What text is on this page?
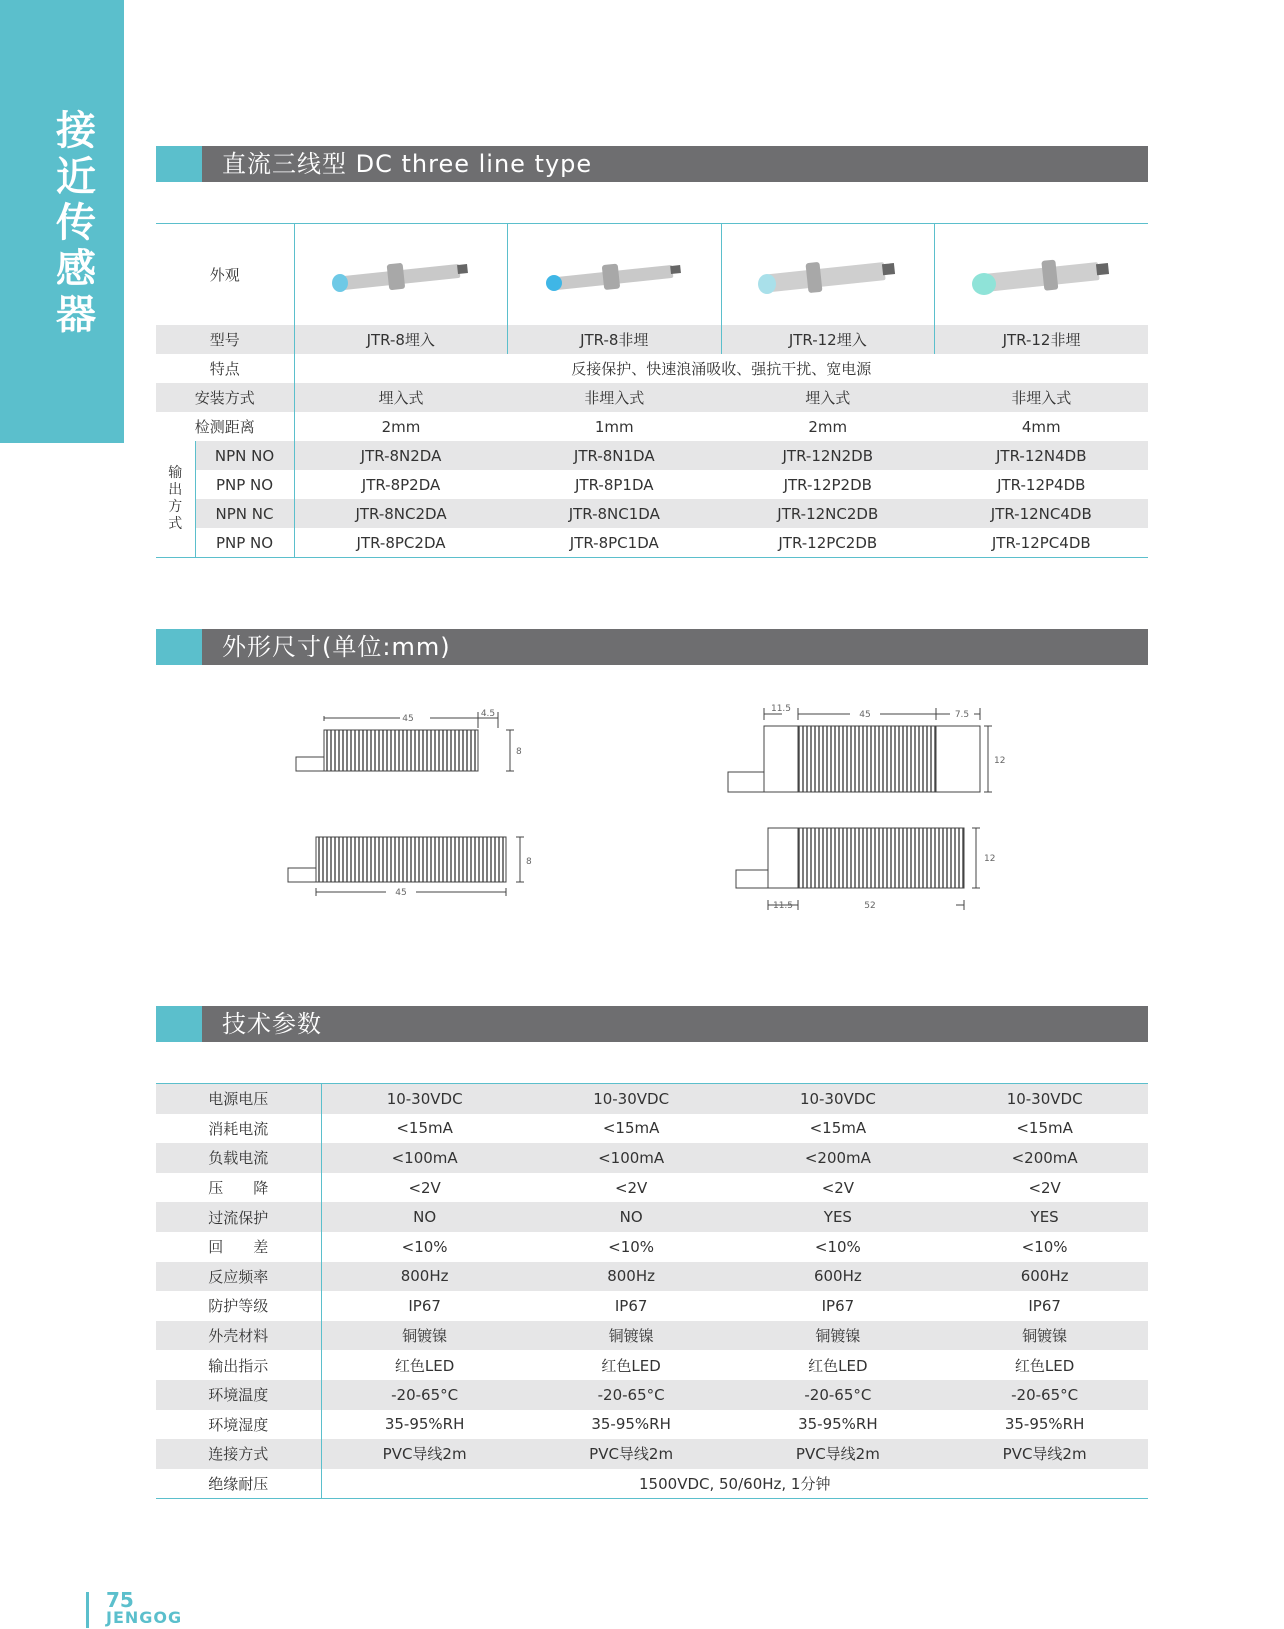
接
近
传
感
器
直流三线型 DC three line type
外观	

型号		JTR-8埋入	JTR-8非埋	JTR-12埋入	JTR-12非埋
特点		反接保护、快速浪涌吸收、强抗干扰、宽电源			
安装方式		埋入式	非埋入式	埋入式	非埋入式
检测距离		2mm	1mm	2mm	4mm

输
出
方
式	NPN NO	JTR-8N2DA	JTR-8N1DA	JTR-12N2DB	JTR-12N4DB
	PNP NO	JTR-8P2DA	JTR-8P1DA	JTR-12P2DB	JTR-12P4DB
	NPN NC	JTR-8NC2DA	JTR-8NC1DA	JTR-12NC2DB	JTR-12NC4DB
	PNP NO	JTR-8PC2DA	JTR-8PC1DA	JTR-12PC2DB	JTR-12PC4DB
外形尺寸(单位:mm)
45	4.5
8
45
8
11.5
45	7.5
12
11.5	52
12
技术参数
电源电压	10-30VDC	10-30VDC	10-30VDC	10-30VDC
消耗电流	<15mA	<15mA	<15mA	<15mA
负载电流	<100mA	<100mA	<200mA	<200mA
压　　降	<2V	<2V	<2V	<2V
过流保护	NO	NO	YES	YES
回　　差	<10%	<10%	<10%	<10%
反应频率	800Hz	800Hz	600Hz	600Hz
防护等级	IP67	IP67	IP67	IP67
外壳材料	铜镀镍	铜镀镍	铜镀镍	铜镀镍
输出指示	红色LED	红色LED	红色LED	红色LED
环境温度	-20-65°C	-20-65°C	-20-65°C	-20-65°C
环境湿度	35-95%RH	35-95%RH	35-95%RH	35-95%RH
连接方式	PVC导线2m	PVC导线2m	PVC导线2m	PVC导线2m
绝缘耐压	1500VDC, 50/60Hz, 1分钟			
75
JENGOG
